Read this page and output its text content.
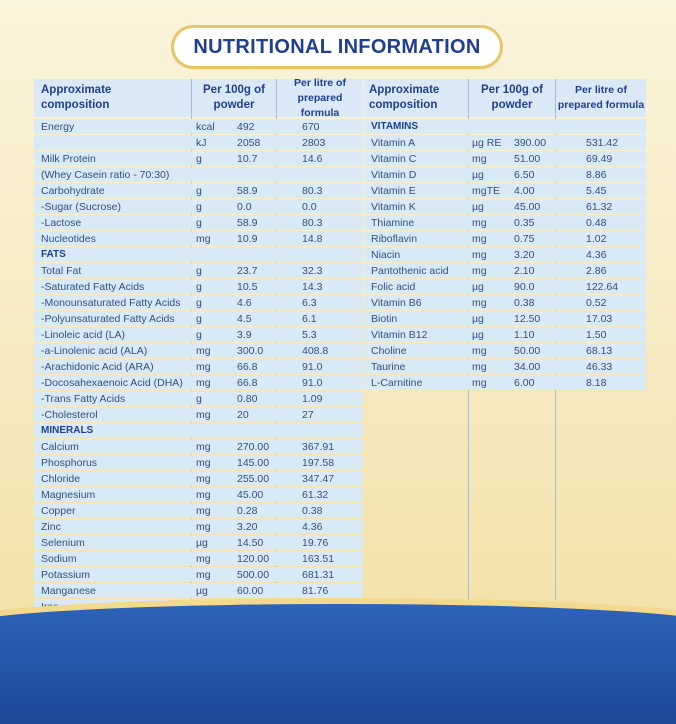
NUTRITIONAL INFORMATION
Approximate composition
Per 100g of powder
Per litre of prepared formula
Energy	kcal 492	670
kJ	2058	2803
Milk Protein	g	10.7	14.6
(Whey Casein ratio - 70:30)
Carbohydrate	g	58.9	80.3
-Sugar (Sucrose)	g	0.0	0.0
-Lactose	g	58.9	80.3
Nucleotides	mg	10.9	14.8
FATS
Total Fat	g	23.7	32.3
-Saturated Fatty Acids	g	10.5	14.3
-Monounsaturated Fatty Acids g	4.6	6.3
-Polyunsaturated Fatty Acids g	4.5	6.1
-Linoleic acid (LA)	g	3.9	5.3
-a-Linolenic acid (ALA)	mg	300.0	408.8
-Arachidonic Acid (ARA)	mg	66.8	91.0
-Docosahexaenoic Acid (DHA) mg	66.8	91.0
-Trans Fatty Acids	g	0.80	1.09
-Cholesterol	mg	20	27
MINERALS
Calcium	mg	270.00	367.91
Phosphorus	mg	145.00	197.58
Chloride	mg	255.00	347.47
Magnesium	mg	45.00	61.32
Copper	mg	0.28	0.38
Zinc	mg	3.20	4.36
Selenium	µg	14.50	19.76
Sodium	mg	120.00	163.51
Potassium	mg	500.00	681.31
Manganese	µg	60.00	81.76
Approximate composition
Per 100g of powder
Per litre of prepared formula
VITAMINS
Vitamin A	µg RE 390.00	531.42
Vitamin C	mg	51.00	69.49
Vitamin D	µg	6.50	8.86
Vitamin E	mgTE 4.00	5.45
Vitamin K	µg	45.00	61.32
Thiamine	mg	0.35	0.48
Riboflavin	mg	0.75	1.02
Niacin	mg	3.20	4.36
Pantothenic acid mg	2.10	2.86
Folic acid	µg	90.0	122.64
Vitamin B6	mg	0.38	0.52
Biotin	µg	12.50	17.03
Vitamin B12	µg	1.10	1.50
Choline	mg	50.00	68.13
Taurine	mg	34.00	46.33
L-Carnitine	mg	6.00	8.18
